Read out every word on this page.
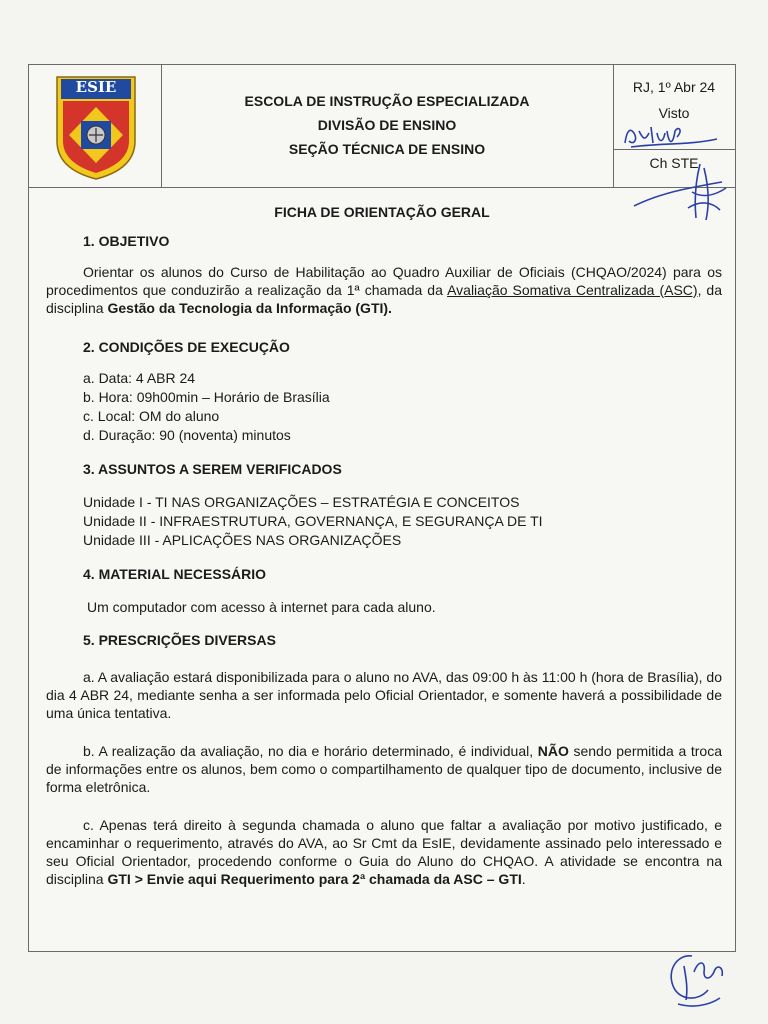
ESIE
ESCOLA DE INSTRUÇÃO ESPECIALIZADA
DIVISÃO DE ENSINO
SEÇÃO TÉCNICA DE ENSINO
RJ, 1º Abr 24
Visto
Ch STE
FICHA DE ORIENTAÇÃO GERAL
1. OBJETIVO
Orientar os alunos do Curso de Habilitação ao Quadro Auxiliar de Oficiais (CHQAO/2024) para os procedimentos que conduzirão a realização da 1ª chamada da Avaliação Somativa Centralizada (ASC), da disciplina Gestão da Tecnologia da Informação (GTI).
2. CONDIÇÕES DE EXECUÇÃO
a. Data: 4 ABR 24
b. Hora: 09h00min – Horário de Brasília
c. Local: OM do aluno
d. Duração: 90 (noventa) minutos
3. ASSUNTOS A SEREM VERIFICADOS
Unidade I - TI NAS ORGANIZAÇÕES – ESTRATÉGIA E CONCEITOS
Unidade II - INFRAESTRUTURA, GOVERNANÇA, E SEGURANÇA DE TI
Unidade III - APLICAÇÕES NAS ORGANIZAÇÕES
4. MATERIAL NECESSÁRIO
Um computador com acesso à internet para cada aluno.
5. PRESCRIÇÕES DIVERSAS
a. A avaliação estará disponibilizada para o aluno no AVA, das 09:00 h às 11:00 h (hora de Brasília), do dia 4 ABR 24, mediante senha a ser informada pelo Oficial Orientador, e somente haverá a possibilidade de uma única tentativa.
b. A realização da avaliação, no dia e horário determinado, é individual, NÃO sendo permitida a troca de informações entre os alunos, bem como o compartilhamento de qualquer tipo de documento, inclusive de forma eletrônica.
c. Apenas terá direito à segunda chamada o aluno que faltar a avaliação por motivo justificado, e encaminhar o requerimento, através do AVA, ao Sr Cmt da EsIE, devidamente assinado pelo interessado e seu Oficial Orientador, procedendo conforme o Guia do Aluno do CHQAO. A atividade se encontra na disciplina GTI > Envie aqui Requerimento para 2ª chamada da ASC – GTI.
